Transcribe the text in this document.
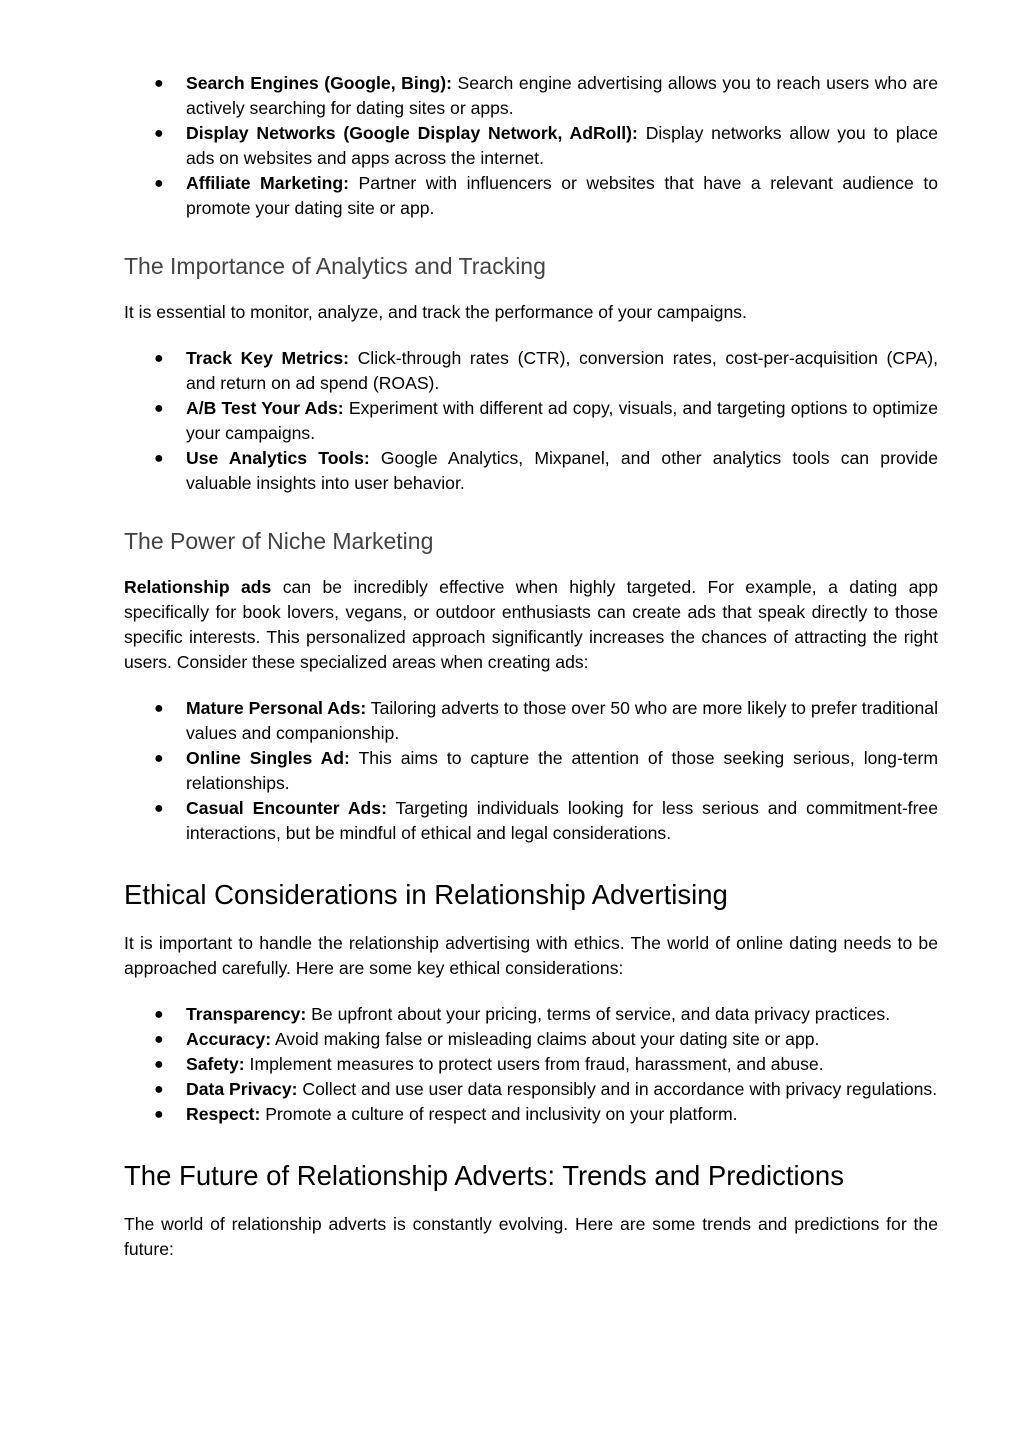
● Search Engines (Google, Bing): Search engine advertising allows you to reach users who are actively searching for dating sites or apps.
● Display Networks (Google Display Network, AdRoll): Display networks allow you to place ads on websites and apps across the internet.
● Affiliate Marketing: Partner with influencers or websites that have a relevant audience to promote your dating site or app.
The Importance of Analytics and Tracking

It is essential to monitor, analyze, and track the performance of your campaigns.

● Track Key Metrics: Click-through rates (CTR), conversion rates, cost-per-acquisition (CPA), and return on ad spend (ROAS).
● A/B Test Your Ads: Experiment with different ad copy, visuals, and targeting options to optimize your campaigns.
● Use Analytics Tools: Google Analytics, Mixpanel, and other analytics tools can provide valuable insights into user behavior.
The Power of Niche Marketing

Relationship ads can be incredibly effective when highly targeted. For example, a dating app specifically for book lovers, vegans, or outdoor enthusiasts can create ads that speak directly to those specific interests. This personalized approach significantly increases the chances of attracting the right users. Consider these specialized areas when creating ads:

● Mature Personal Ads: Tailoring adverts to those over 50 who are more likely to prefer traditional values and companionship.
● Online Singles Ad: This aims to capture the attention of those seeking serious, long-term relationships.
● Casual Encounter Ads: Targeting individuals looking for less serious and commitment-free interactions, but be mindful of ethical and legal considerations.
Ethical Considerations in Relationship Advertising

It is important to handle the relationship advertising with ethics. The world of online dating needs to be approached carefully. Here are some key ethical considerations:

● Transparency: Be upfront about your pricing, terms of service, and data privacy practices.
● Accuracy: Avoid making false or misleading claims about your dating site or app.
● Safety: Implement measures to protect users from fraud, harassment, and abuse.
● Data Privacy: Collect and use user data responsibly and in accordance with privacy regulations.
● Respect: Promote a culture of respect and inclusivity on your platform.
The Future of Relationship Adverts: Trends and Predictions

The world of relationship adverts is constantly evolving. Here are some trends and predictions for the future:
